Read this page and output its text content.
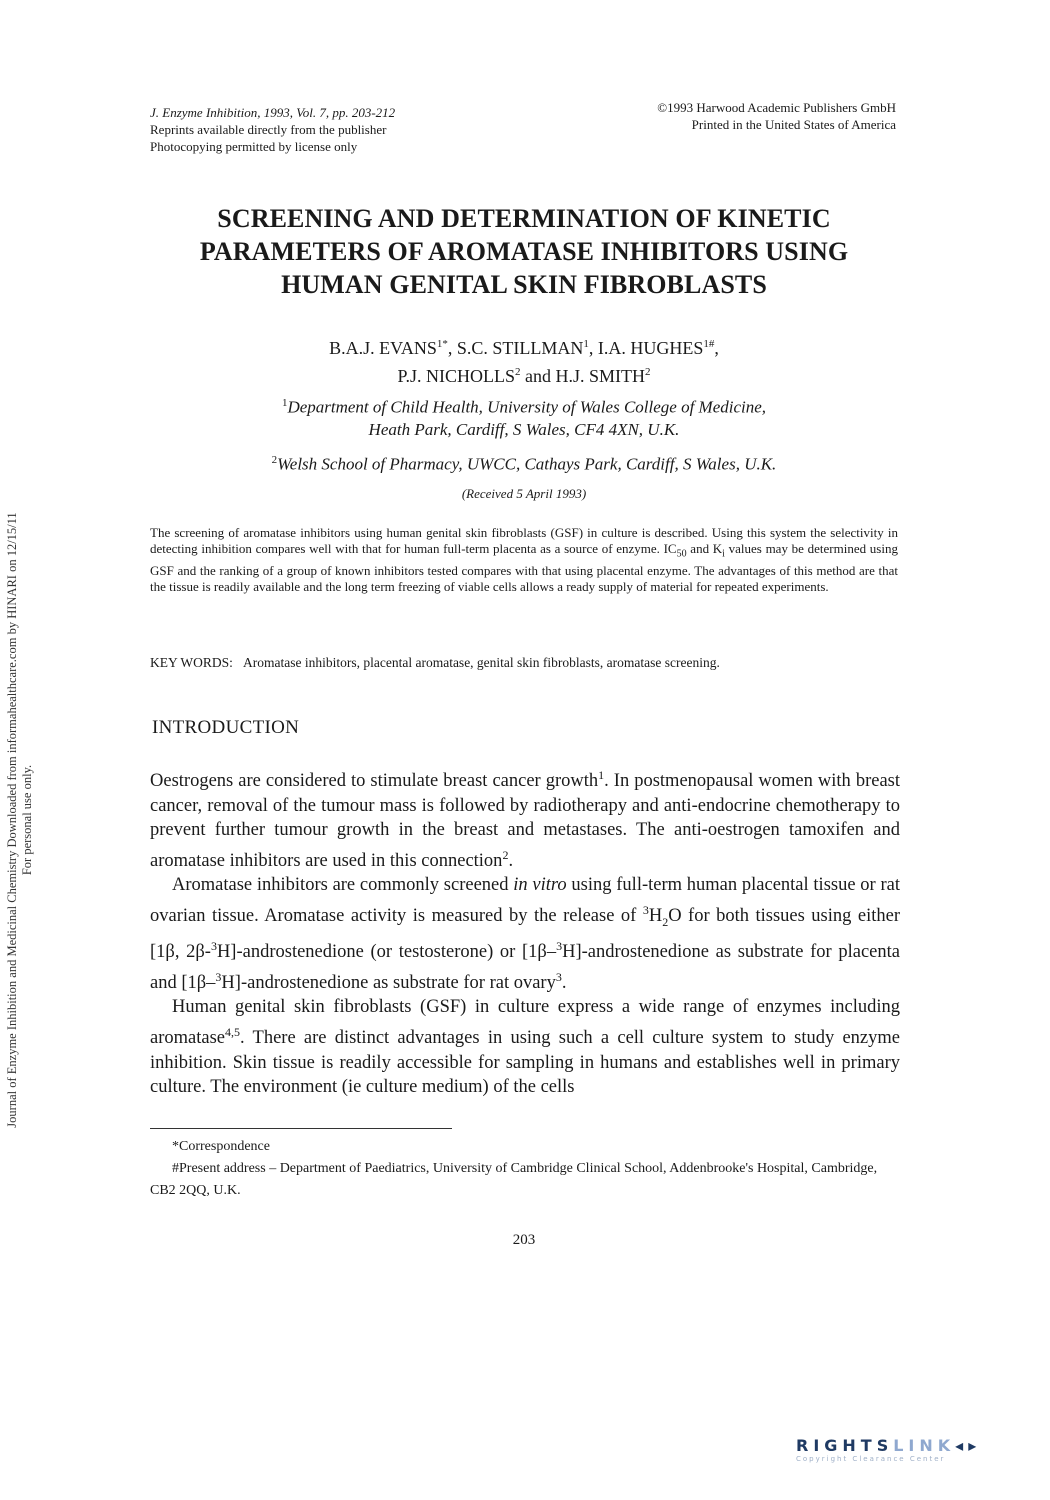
J. Enzyme Inhibition, 1993, Vol. 7, pp. 203-212
Reprints available directly from the publisher
Photocopying permitted by license only
©1993 Harwood Academic Publishers GmbH
Printed in the United States of America
SCREENING AND DETERMINATION OF KINETIC
PARAMETERS OF AROMATASE INHIBITORS USING
HUMAN GENITAL SKIN FIBROBLASTS
B.A.J. $EVANS^{1*}$, S.C. STILLMAN$^1$, I.A. $HUGHES^{1\#}$,
P.J. NICHOLLS$^2$ and H.J. SMITH$^2$
$^1$Department of Child Health, University of Wales College of Medicine,
Heath Park, Cardiff, S Wales, CF4 4XN, U.K.
$^2$Welsh School of Pharmacy, UWCC, Cathays Park, Cardiff, S Wales, U.K.
(Received 5 April 1993)
The screening of aromatase inhibitors using human genital skin fibroblasts (GSF) in culture is described. Using this system the selectivity in detecting inhibition compares well with that for human full-term placenta as a source of enzyme. $IC_{50}$ and $K_i$ values may be determined using GSF and the ranking of a group of known inhibitors tested compares with that using placental enzyme. The advantages of this method are that the tissue is readily available and the long term freezing of viable cells allows a ready supply of material for repeated experiments.
KEY WORDS: Aromatase inhibitors, placental aromatase, genital skin fibroblasts, aromatase screening.
INTRODUCTION

Oestrogens are considered to stimulate breast cancer growth$^1$. In postmenopausal women with breast cancer, removal of the tumour mass is followed by radiotherapy and anti-endocrine chemotherapy to prevent further tumour growth in the breast and metastases. The anti-oestrogen tamoxifen and aromatase inhibitors are used in this connection$^2$.

Aromatase inhibitors are commonly screened in vitro using full-term human placental tissue or rat ovarian tissue. Aromatase activity is measured by the release of $^3H_2O$ for both tissues using either [1β, 2β-$^3$H]-androstenedione (or testosterone) or [1β–$^3$H]-androstenedione as substrate for placenta and [1β–$^3$H]-androstenedione as substrate for rat ovary$^3$.

Human genital skin fibroblasts (GSF) in culture express a wide range of enzymes including aromatase$^{4,5}$. There are distinct advantages in using such a cell culture system to study enzyme inhibition. Skin tissue is readily accessible for sampling in humans and establishes well in primary culture. The environment (ie culture medium) of the cells

*Correspondence
#Present address – Department of Paediatrics, University of Cambridge Clinical School, Addenbrooke's Hospital, Cambridge, CB2 2QQ, U.K.
203
Journal of Enzyme Inhibition and Medicinal Chemistry Downloaded from informahealthcare.com by HINARI on 12/15/11 For personal use only.
RIGHTSLINK◂▸
Copyright Clearance Center
